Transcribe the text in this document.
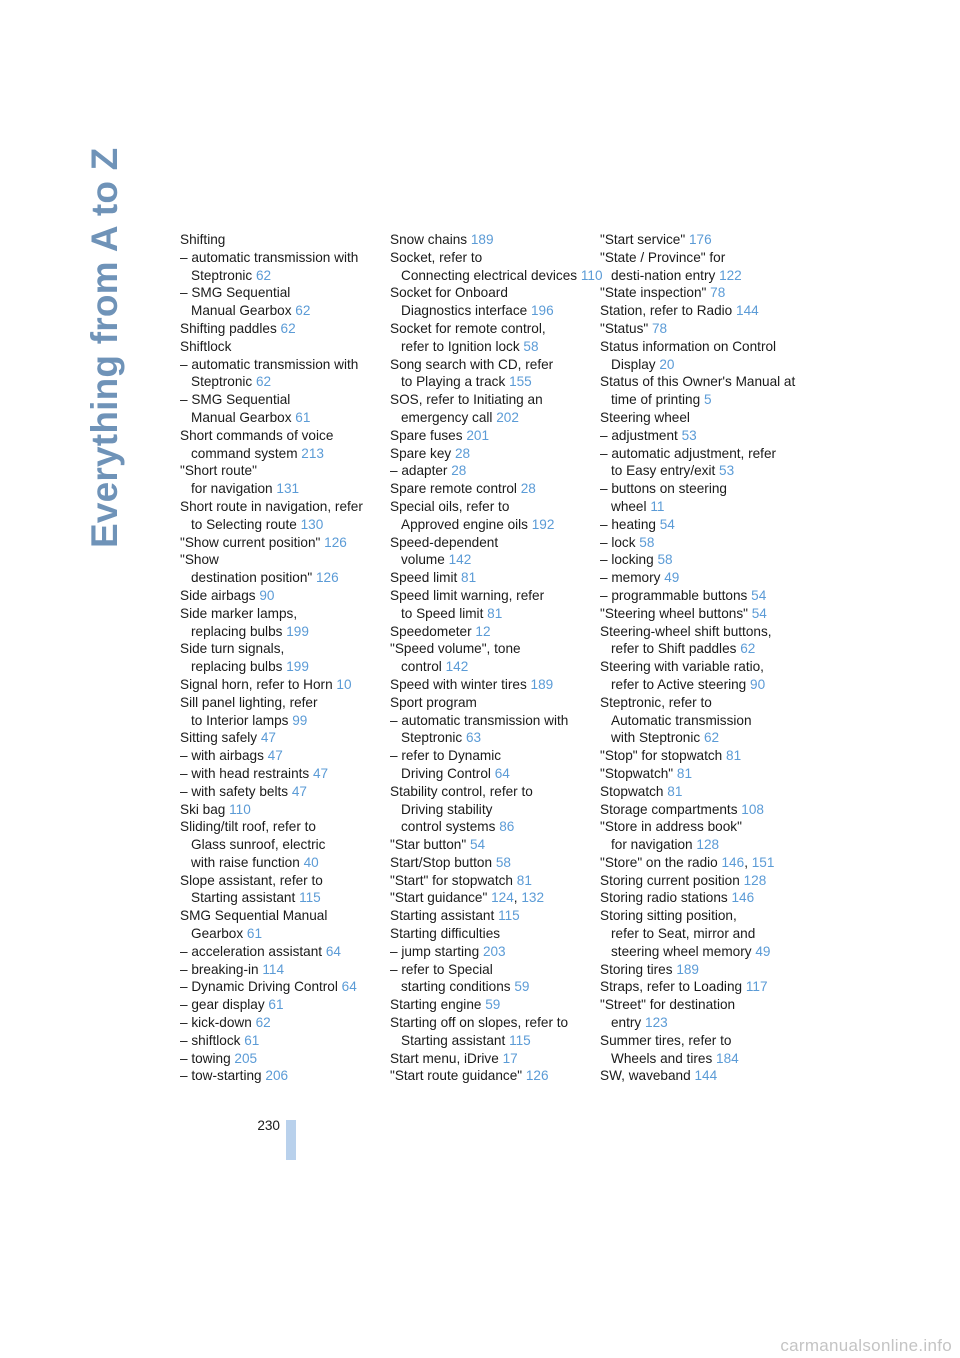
Everything from A to Z	Shifting
– automatic transmission with
Steptronic 62
– SMG Sequential
Manual Gearbox 62
Shifting paddles 62
Shiftlock
– automatic transmission with
Steptronic 62
– SMG Sequential
Manual Gearbox 61
Short commands of voice
command system 213
"Short route"
for navigation 131
Short route in navigation, refer
to Selecting route 130
"Show current position" 126
"Show
destination position" 126
Side airbags 90
Side marker lamps,
replacing bulbs 199
Side turn signals,
replacing bulbs 199
Signal horn, refer to Horn 10
Sill panel lighting, refer
to Interior lamps 99
Sitting safely 47
– with airbags 47
– with head restraints 47
– with safety belts 47
Ski bag 110
Sliding/tilt roof, refer to
Glass sunroof, electric
with raise function 40
Slope assistant, refer to
Starting assistant 115
SMG Sequential Manual
Gearbox 61
– acceleration assistant 64
– breaking-in 114
– Dynamic Driving Control 64
– gear display 61
– kick-down 62
– shiftlock 61
– towing 205
– tow-starting 206
Snow chains 189
Socket, refer to
Connecting electrical devices 110
Socket for Onboard
Diagnostics interface 196
Socket for remote control,
refer to Ignition lock 58
Song search with CD, refer
to Playing a track 155
SOS, refer to Initiating an
emergency call 202
Spare fuses 201
Spare key 28
– adapter 28
Spare remote control 28
Special oils, refer to
Approved engine oils 192
Speed-dependent
volume 142
Speed limit 81
Speed limit warning, refer
to Speed limit 81
Speedometer 12
"Speed volume", tone
control 142
Speed with winter tires 189
Sport program
– automatic transmission with
Steptronic 63
– refer to Dynamic
Driving Control 64
Stability control, refer to
Driving stability
control systems 86
"Star button" 54
Start/Stop button 58
"Start" for stopwatch 81
"Start guidance" 124, 132
Starting assistant 115
Starting difficulties
– jump starting 203
– refer to Special
starting conditions 59
Starting engine 59
Starting off on slopes, refer to
Starting assistant 115
Start menu, iDrive 17
"Start route guidance" 126
"Start service" 176
"State / Province" for
desti-nation entry 122
"State inspection" 78
Station, refer to Radio 144
"Status" 78
Status information on Control
Display 20
Status of this Owner's Manual at
time of printing 5
Steering wheel
– adjustment 53
– automatic adjustment, refer
to Easy entry/exit 53
– buttons on steering
wheel 11
– heating 54
– lock 58
– locking 58
– memory 49
– programmable buttons 54
"Steering wheel buttons" 54
Steering-wheel shift buttons,
refer to Shift paddles 62
Steering with variable ratio,
refer to Active steering 90
Steptronic, refer to
Automatic transmission
with Steptronic 62
"Stop" for stopwatch 81
"Stopwatch" 81
Stopwatch 81
Storage compartments 108
"Store in address book"
for navigation 128
"Store" on the radio 146, 151
Storing current position 128
Storing radio stations 146
Storing sitting position,
refer to Seat, mirror and
steering wheel memory 49
Storing tires 189
Straps, refer to Loading 117
"Street" for destination
entry 123
Summer tires, refer to
Wheels and tires 184
SW, waveband 144
230
carmanualsonline.info
